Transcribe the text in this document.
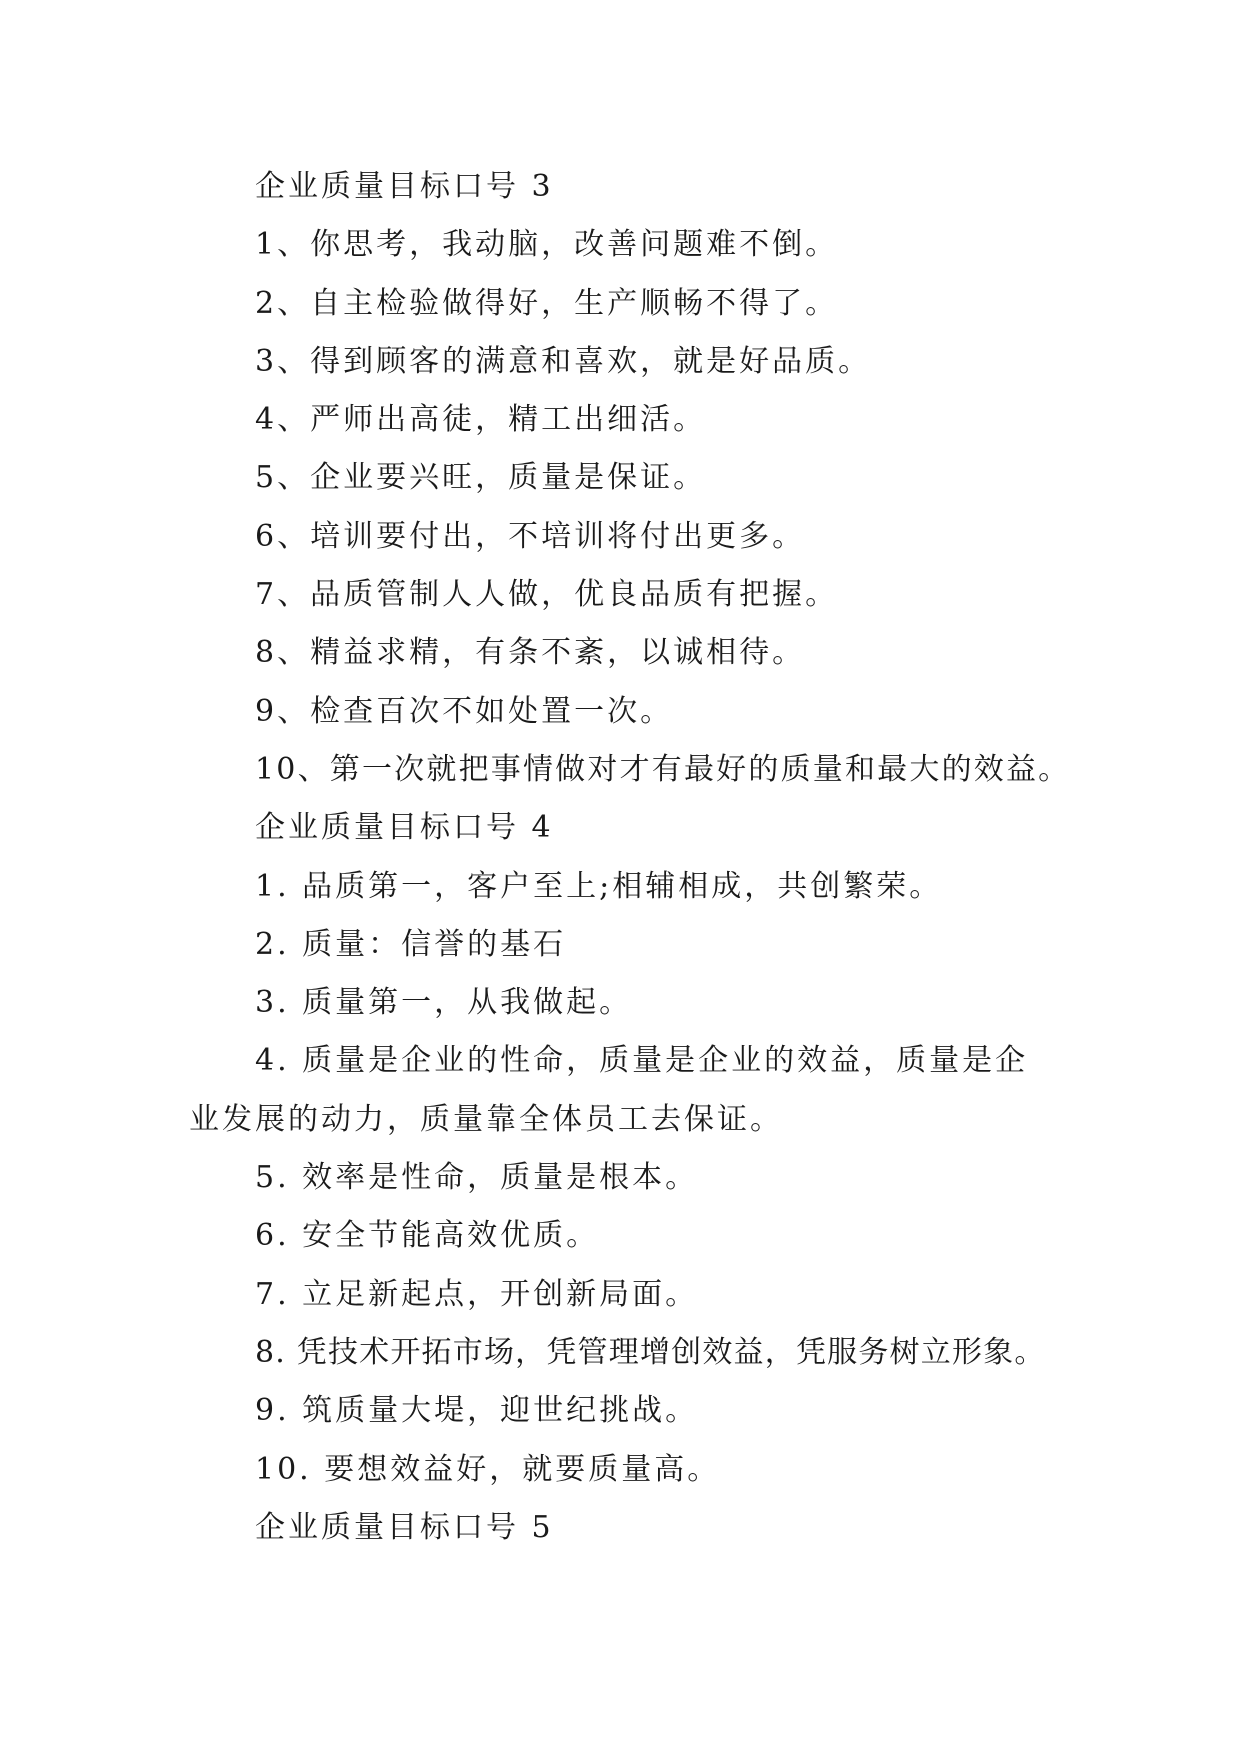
企业质量目标口号 3
1、你思考，我动脑，改善问题难不倒。
2、自主检验做得好，生产顺畅不得了。
3、得到顾客的满意和喜欢，就是好品质。
4、严师出高徒，精工出细活。
5、企业要兴旺，质量是保证。
6、培训要付出，不培训将付出更多。
7、品质管制人人做，优良品质有把握。
8、精益求精，有条不紊，以诚相待。
9、检查百次不如处置一次。
10、第一次就把事情做对才有最好的质量和最大的效益。
企业质量目标口号 4
1. 品质第一，客户至上;相辅相成，共创繁荣。
2. 质量：信誉的基石
3. 质量第一，从我做起。

4. 质量是企业的性命，质量是企业的效益，质量是企业发展的动力，质量靠全体员工去保证。

5. 效率是性命，质量是根本。
6. 安全节能高效优质。
7. 立足新起点，开创新局面。
8. 凭技术开拓市场，凭管理增创效益，凭服务树立形象。
9. 筑质量大堤，迎世纪挑战。
10. 要想效益好，就要质量高。
企业质量目标口号 5
